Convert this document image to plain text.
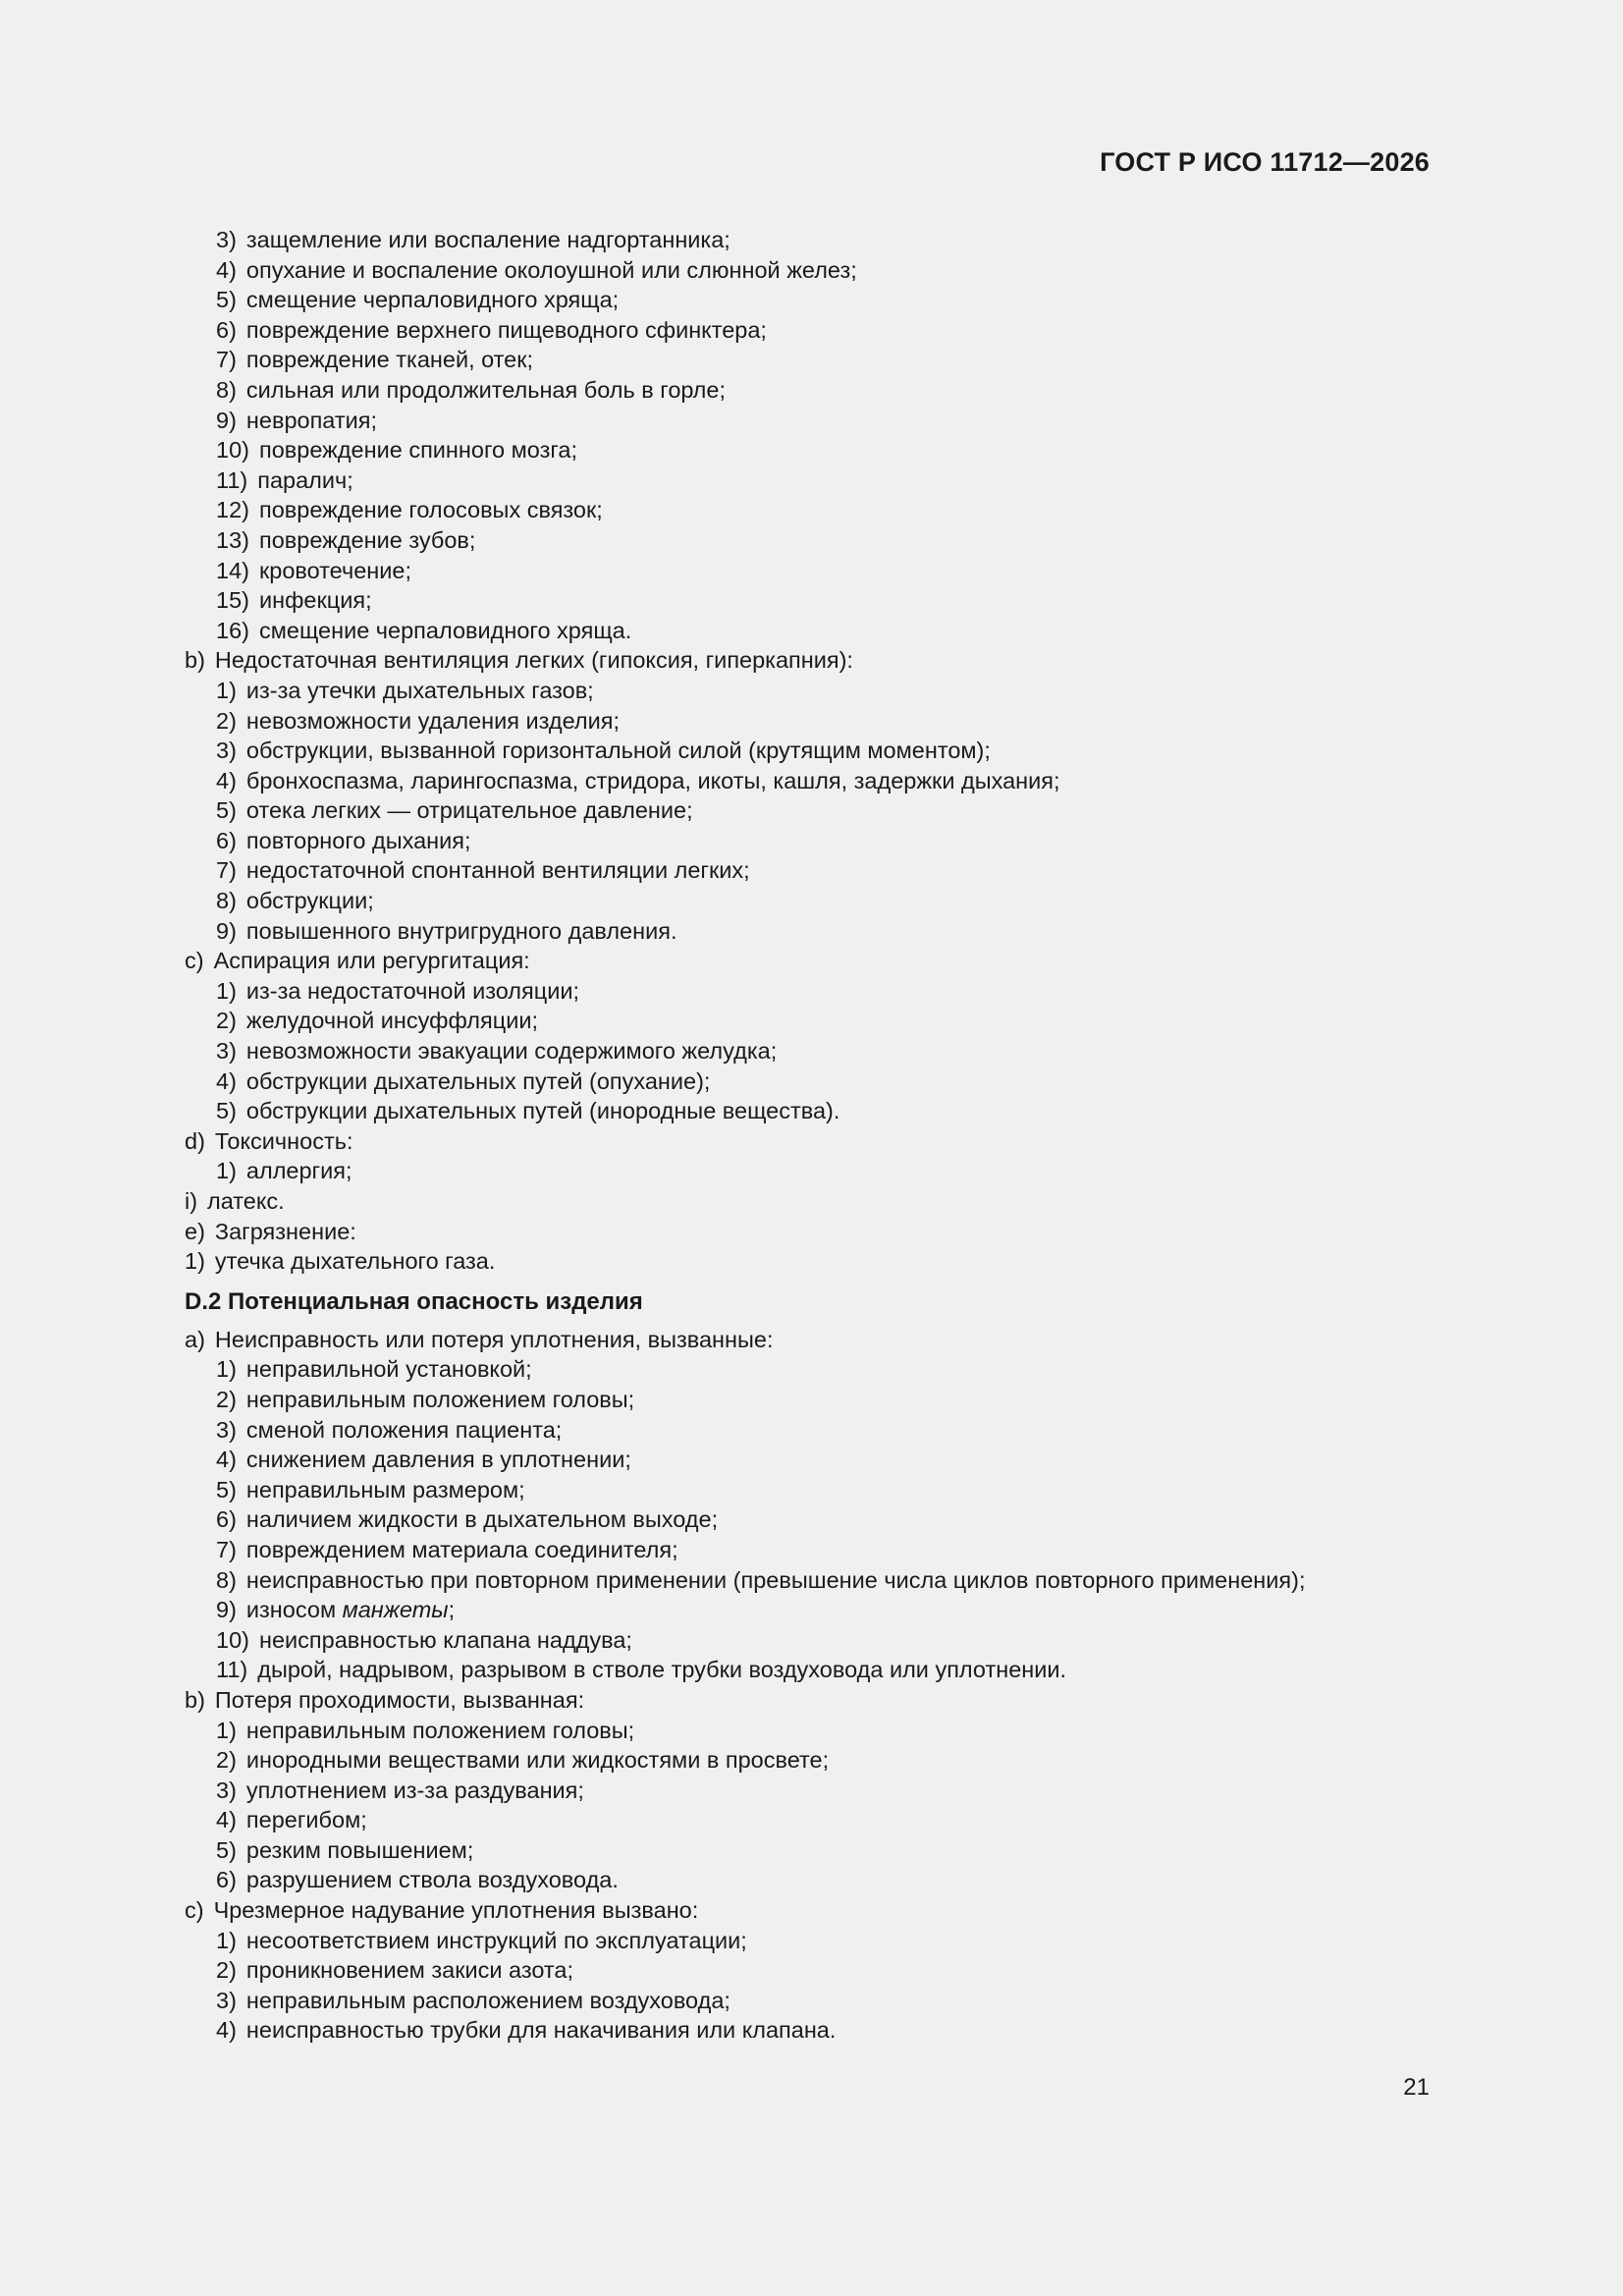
ГОСТ Р ИСО 11712—2026
3) защемление или воспаление надгортанника;
4) опухание и воспаление околоушной или слюнной желез;
5) смещение черпаловидного хряща;
6) повреждение верхнего пищеводного сфинктера;
7) повреждение тканей, отек;
8) сильная или продолжительная боль в горле;
9) невропатия;
10) повреждение спинного мозга;
11) паралич;
12) повреждение голосовых связок;
13) повреждение зубов;
14) кровотечение;
15) инфекция;
16) смещение черпаловидного хряща.
b) Недостаточная вентиляция легких (гипоксия, гиперкапния):
1) из-за утечки дыхательных газов;
2) невозможности удаления изделия;
3) обструкции, вызванной горизонтальной силой (крутящим моментом);
4) бронхоспазма, ларингоспазма, стридора, икоты, кашля, задержки дыхания;
5) отека легких — отрицательное давление;
6) повторного дыхания;
7) недостаточной спонтанной вентиляции легких;
8) обструкции;
9) повышенного внутригрудного давления.
c) Аспирация или регургитация:
1) из-за недостаточной изоляции;
2) желудочной инсуффляции;
3) невозможности эвакуации содержимого желудка;
4) обструкции дыхательных путей (опухание);
5) обструкции дыхательных путей (инородные вещества).
d) Токсичность:
1) аллергия;
i) латекс.
e) Загрязнение:
1) утечка дыхательного газа.
D.2 Потенциальная опасность изделия
a) Неисправность или потеря уплотнения, вызванные:
1) неправильной установкой;
2) неправильным положением головы;
3) сменой положения пациента;
4) снижением давления в уплотнении;
5) неправильным размером;
6) наличием жидкости в дыхательном выходе;
7) повреждением материала соединителя;
8) неисправностью при повторном применении (превышение числа циклов повторного применения);
9) износом манжеты;
10) неисправностью клапана наддува;
11) дырой, надрывом, разрывом в стволе трубки воздуховода или уплотнении.
b) Потеря проходимости, вызванная:
1) неправильным положением головы;
2) инородными веществами или жидкостями в просвете;
3) уплотнением из-за раздувания;
4) перегибом;
5) резким повышением;
6) разрушением ствола воздуховода.
c) Чрезмерное надувание уплотнения вызвано:
1) несоответствием инструкций по эксплуатации;
2) проникновением закиси азота;
3) неправильным расположением воздуховода;
4) неисправностью трубки для накачивания или клапана.
21
